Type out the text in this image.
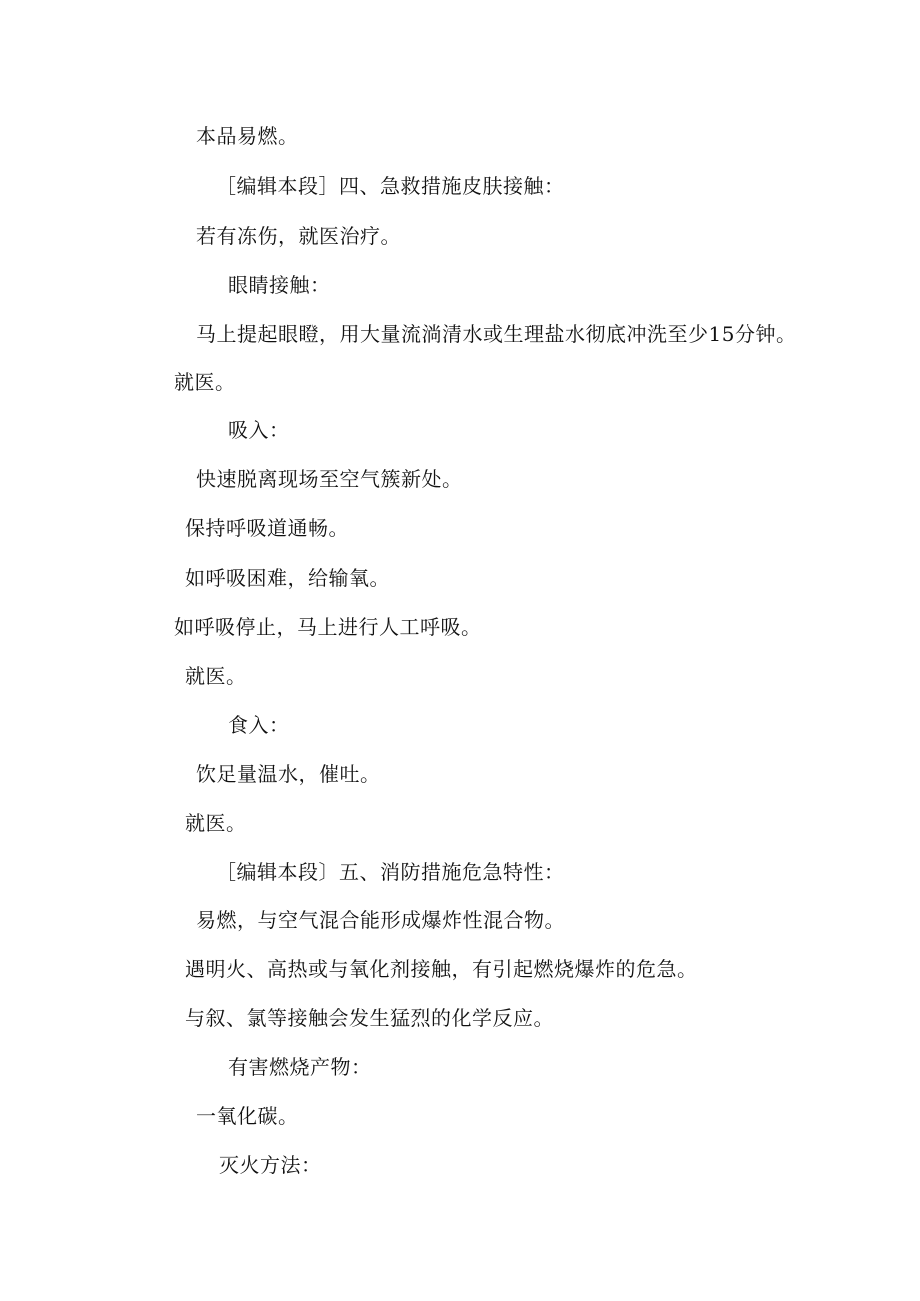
本品易燃。
［编辑本段］四、急救措施皮肤接触：
若有冻伤，就医治疗。
眼睛接触：
马上提起眼瞪，用大量流淌清水或生理盐水彻底冲洗至少15分钟。
就医。
吸入：
快速脱离现场至空气簇新处。
保持呼吸道通畅。
如呼吸困难，给输氧。
如呼吸停止，马上进行人工呼吸。
就医。
食入：
饮足量温水，催吐。
就医。
［编辑本段〕五、消防措施危急特性：
易燃，与空气混合能形成爆炸性混合物。
遇明火、高热或与氧化剂接触，有引起燃烧爆炸的危急。
与叙、氯等接触会发生猛烈的化学反应。
有害燃烧产物：
一氧化碳。
灭火方法：
